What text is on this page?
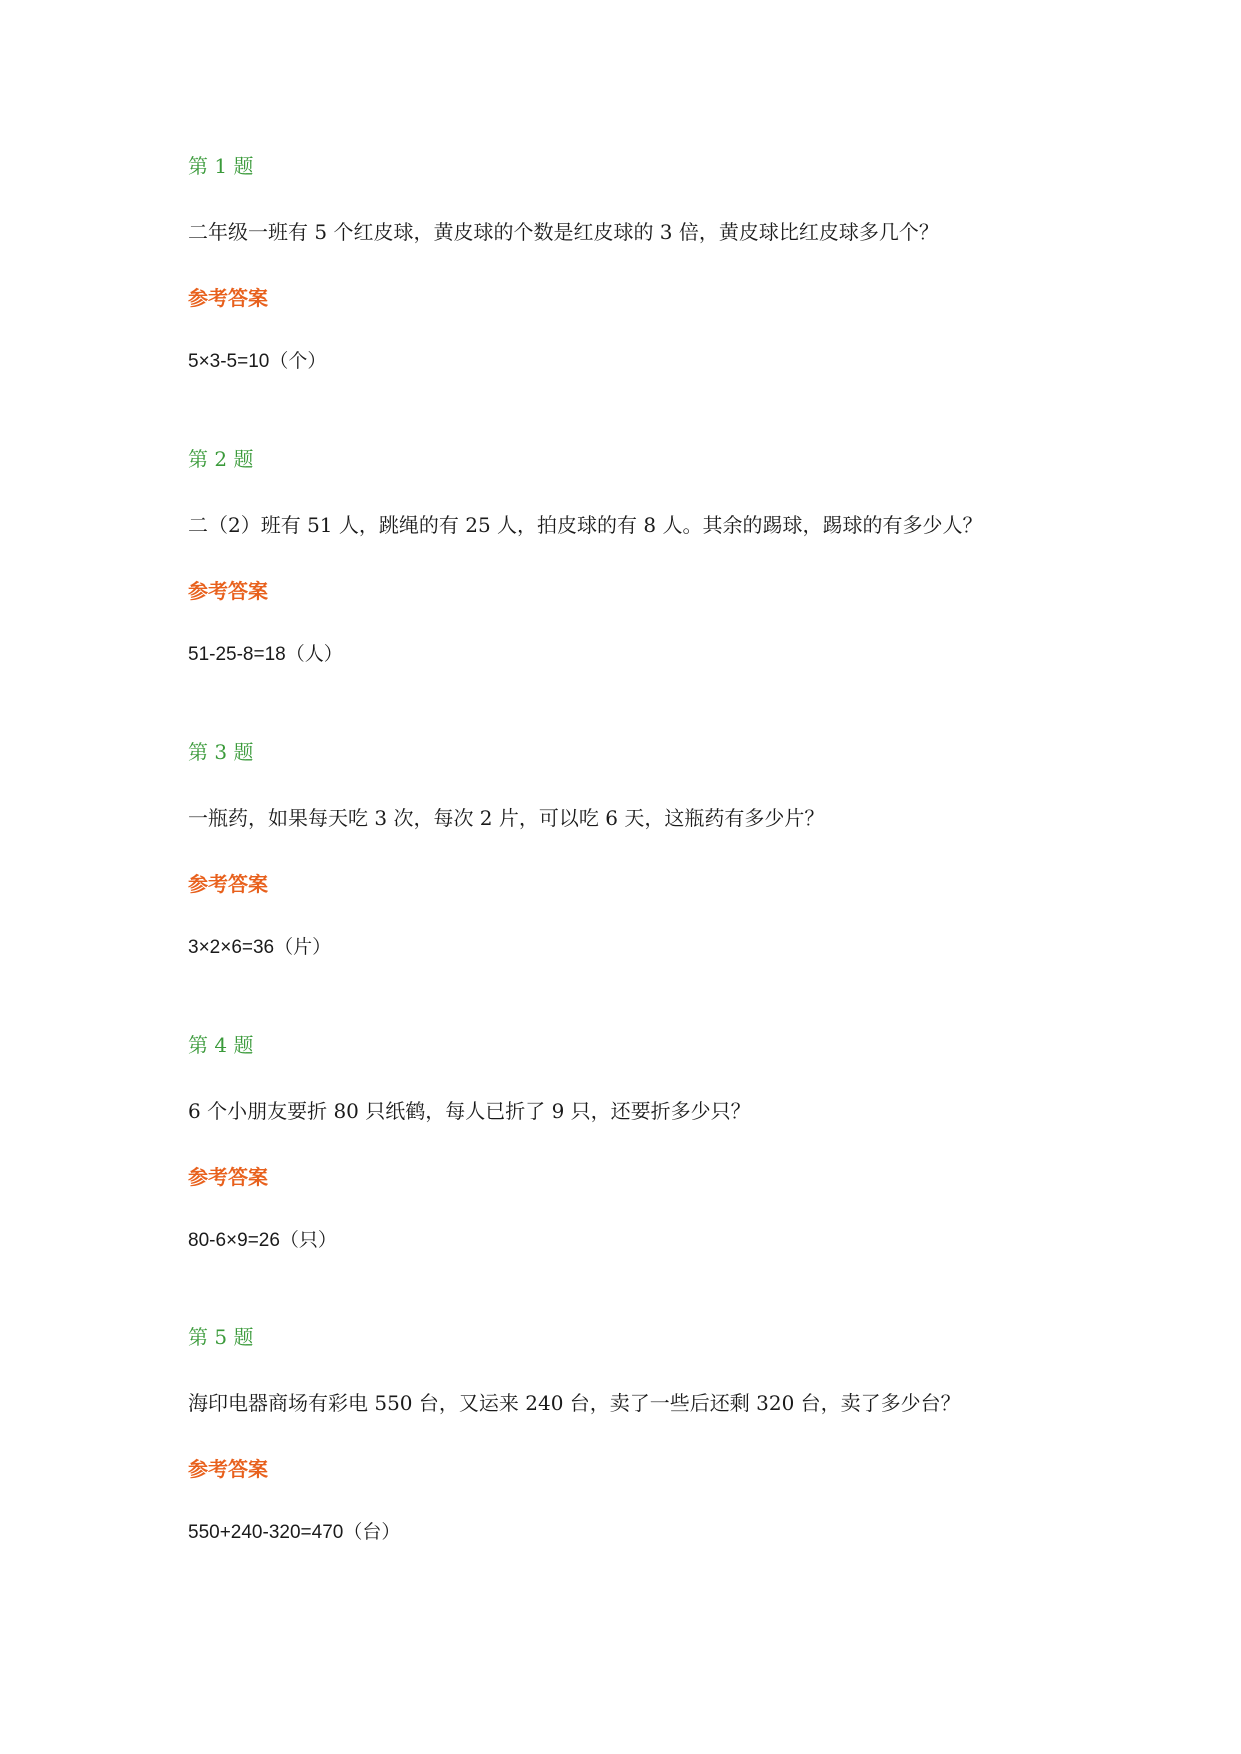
第 1 题
二年级一班有 5 个红皮球，黄皮球的个数是红皮球的 3 倍，黄皮球比红皮球多几个？
参考答案
5×3-5=10（个）
第 2 题
二（2）班有 51 人，跳绳的有 25 人，拍皮球的有 8 人。其余的踢球，踢球的有多少人？
参考答案
51-25-8=18（人）
第 3 题
一瓶药，如果每天吃 3 次，每次 2 片，可以吃 6 天，这瓶药有多少片？
参考答案
3×2×6=36（片）
第 4 题
6 个小朋友要折 80 只纸鹤，每人已折了 9 只，还要折多少只？
参考答案
80-6×9=26（只）
第 5 题
海印电器商场有彩电 550 台，又运来 240 台，卖了一些后还剩 320 台，卖了多少台？
参考答案
550+240-320=470（台）
